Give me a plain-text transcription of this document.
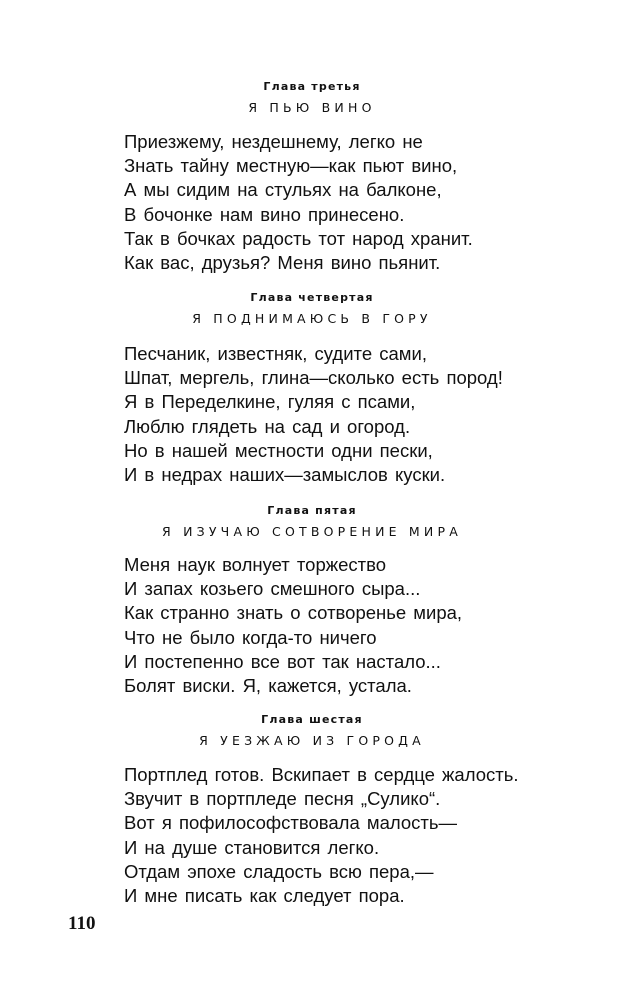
Глава третья
Я ПЬЮ ВИНО
Приезжему, нездешнему, легко не
Знать тайну местную—как пьют вино,
А мы сидим на стульях на балконе,
В бочонке нам вино принесено.
Так в бочках радость тот народ хранит.
Как вас, друзья? Меня вино пьянит.
Глава четвертая
Я ПОДНИМАЮСЬ В ГОРУ
Песчаник, известняк, судите сами,
Шпат, мергель, глина—сколько есть пород!
Я в Переделкине, гуляя с псами,
Люблю глядеть на сад и огород.
Но в нашей местности одни пески,
И в недрах наших—замыслов куски.
Глава пятая
Я ИЗУЧАЮ СОТВОРЕНИЕ МИРА
Меня наук волнует торжество
И запах козьего смешного сыра...
Как странно знать о сотворенье мира,
Что не было когда-то ничего
И постепенно все вот так настало...
Болят виски. Я, кажется, устала.
Глава шестая
Я УЕЗЖАЮ ИЗ ГОРОДА
Портплед готов. Вскипает в сердце жалость.
Звучит в портпледе песня „Сулико“.
Вот я пофилософствовала малость—
И на душе становится легко.
Отдам эпохе сладость всю пера,—
И мне писать как следует пора.
110
